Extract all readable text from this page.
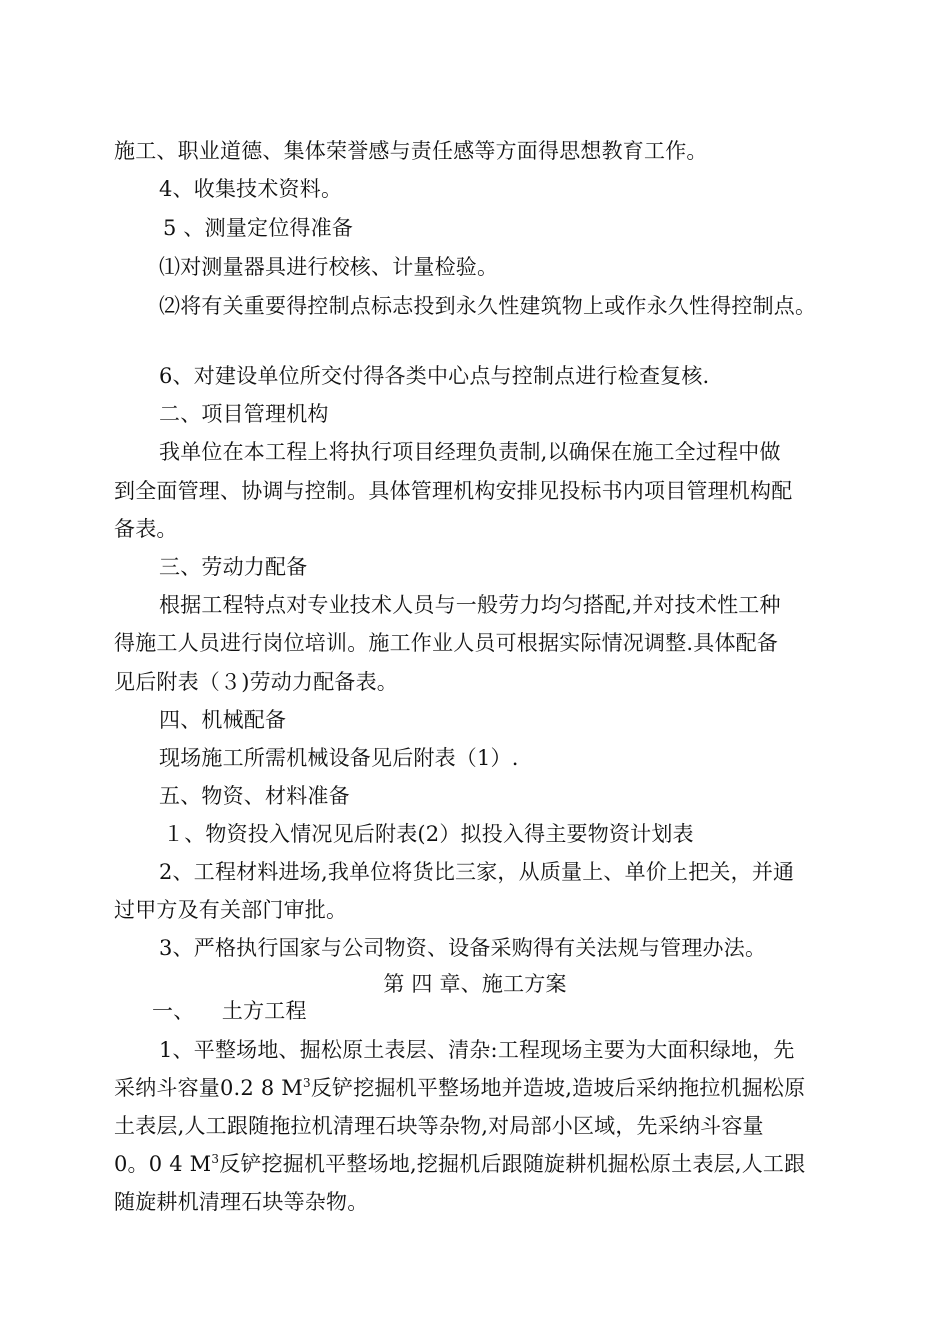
施工、职业道德、集体荣誉感与责任感等方面得思想教育工作。
4、收集技术资料。
5 、测量定位得准备
⑴对测量器具进行校核、计量检验。
⑵将有关重要得控制点标志投到永久性建筑物上或作永久性得控制点。
6、对建设单位所交付得各类中心点与控制点进行检查复核.
二、项目管理机构
我单位在本工程上将执行项目经理负责制,以确保在施工全过程中做
到全面管理、协调与控制。具体管理机构安排见投标书内项目管理机构配
备表。
三、劳动力配备
根据工程特点对专业技术人员与一般劳力均匀搭配,并对技术性工种
得施工人员进行岗位培训。施工作业人员可根据实际情况调整.具体配备
见后附表（３)劳动力配备表。
四、机械配备
现场施工所需机械设备见后附表（1）.
五、物资、材料准备
１、物资投入情况见后附表(2）拟投入得主要物资计划表
2、工程材料进场,我单位将货比三家，从质量上、单价上把关，并通
过甲方及有关部门审批。
3、严格执行国家与公司物资、设备采购得有关法规与管理办法。
第 四 章、施工方案
一、    土方工程
1、平整场地、掘松原土表层、清杂:工程现场主要为大面积绿地，先
采纳斗容量0.2 8 $M^3$反铲挖掘机平整场地并造坡,造坡后采纳拖拉机掘松原
土表层,人工跟随拖拉机清理石块等杂物,对局部小区域，先采纳斗容量
0。0 4 $M^3$反铲挖掘机平整场地,挖掘机后跟随旋耕机掘松原土表层,人工跟
随旋耕机清理石块等杂物。
